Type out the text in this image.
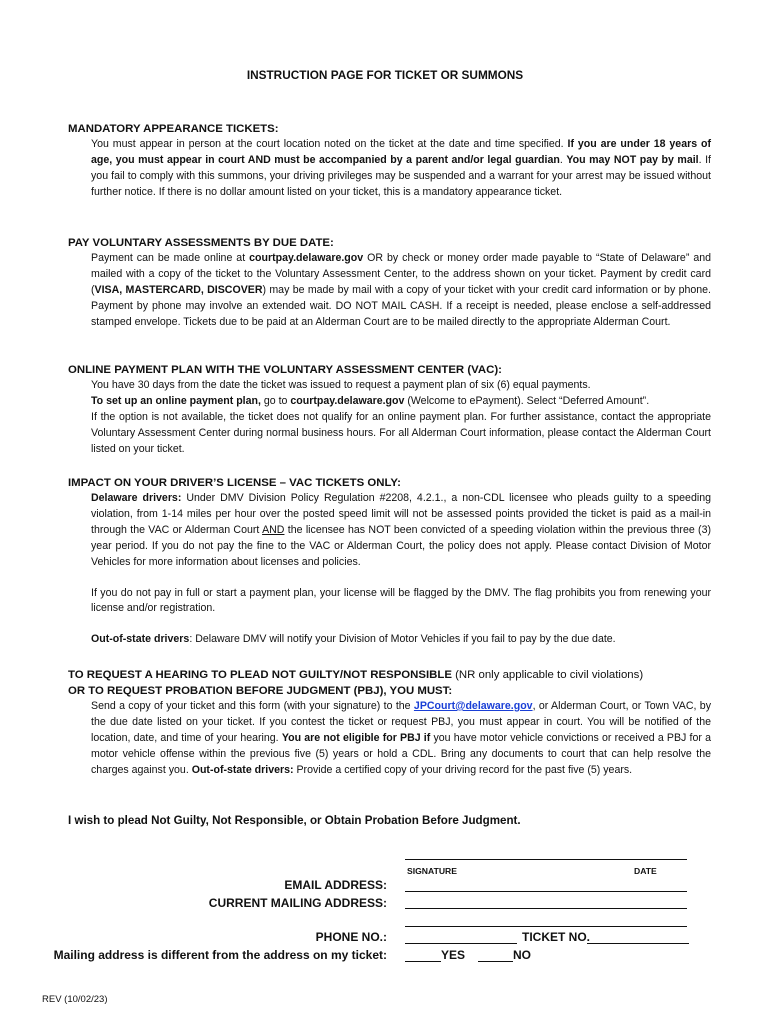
INSTRUCTION PAGE FOR TICKET OR SUMMONS
MANDATORY APPEARANCE TICKETS:
You must appear in person at the court location noted on the ticket at the date and time specified. If you are under 18 years of age, you must appear in court AND must be accompanied by a parent and/or legal guardian. You may NOT pay by mail. If you fail to comply with this summons, your driving privileges may be suspended and a warrant for your arrest may be issued without further notice. If there is no dollar amount listed on your ticket, this is a mandatory appearance ticket.
PAY VOLUNTARY ASSESSMENTS BY DUE DATE:
Payment can be made online at courtpay.delaware.gov OR by check or money order made payable to “State of Delaware” and mailed with a copy of the ticket to the Voluntary Assessment Center, to the address shown on your ticket. Payment by credit card (VISA, MASTERCARD, DISCOVER) may be made by mail with a copy of your ticket with your credit card information or by phone. Payment by phone may involve an extended wait. DO NOT MAIL CASH. If a receipt is needed, please enclose a self-addressed stamped envelope. Tickets due to be paid at an Alderman Court are to be mailed directly to the appropriate Alderman Court.
ONLINE PAYMENT PLAN WITH THE VOLUNTARY ASSESSMENT CENTER (VAC):

You have 30 days from the date the ticket was issued to request a payment plan of six (6) equal payments.

To set up an online payment plan, go to courtpay.delaware.gov (Welcome to ePayment). Select “Deferred Amount”.

If the option is not available, the ticket does not qualify for an online payment plan. For further assistance, contact the appropriate Voluntary Assessment Center during normal business hours. For all Alderman Court information, please contact the Alderman Court listed on your ticket.

IMPACT ON YOUR DRIVER’S LICENSE – VAC TICKETS ONLY:

Delaware drivers: Under DMV Division Policy Regulation #2208, 4.2.1., a non-CDL licensee who pleads guilty to a speeding violation, from 1-14 miles per hour over the posted speed limit will not be assessed points provided the ticket is paid as a mail-in through the VAC or Alderman Court AND the licensee has NOT been convicted of a speeding violation within the previous three (3) year period. If you do not pay the fine to the VAC or Alderman Court, the policy does not apply. Please contact Division of Motor Vehicles for more information about licenses and policies.

If you do not pay in full or start a payment plan, your license will be flagged by the DMV. The flag prohibits you from renewing your license and/or registration.

Out-of-state drivers: Delaware DMV will notify your Division of Motor Vehicles if you fail to pay by the due date.

TO REQUEST A HEARING TO PLEAD NOT GUILTY/NOT RESPONSIBLE (NR only applicable to civil violations)
OR TO REQUEST PROBATION BEFORE JUDGMENT (PBJ), YOU MUST:
Send a copy of your ticket and this form (with your signature) to the JPCourt@delaware.gov, or Alderman Court, or Town VAC, by the due date listed on your ticket. If you contest the ticket or request PBJ, you must appear in court. You will be notified of the location, date, and time of your hearing. You are not eligible for PBJ if you have motor vehicle convictions or received a PBJ for a motor vehicle offense within the previous five (5) years or hold a CDL. Bring any documents to court that can help resolve the charges against you. Out-of-state drivers: Provide a certified copy of your driving record for the past five (5) years.
I wish to plead Not Guilty, Not Responsible, or Obtain Probation Before Judgment.
SIGNATURE	DATE
EMAIL ADDRESS:
CURRENT MAILING ADDRESS:
PHONE NO.:	TICKET NO.
Mailing address is different from the address on my ticket:	YES	NO
REV (10/02/23)
